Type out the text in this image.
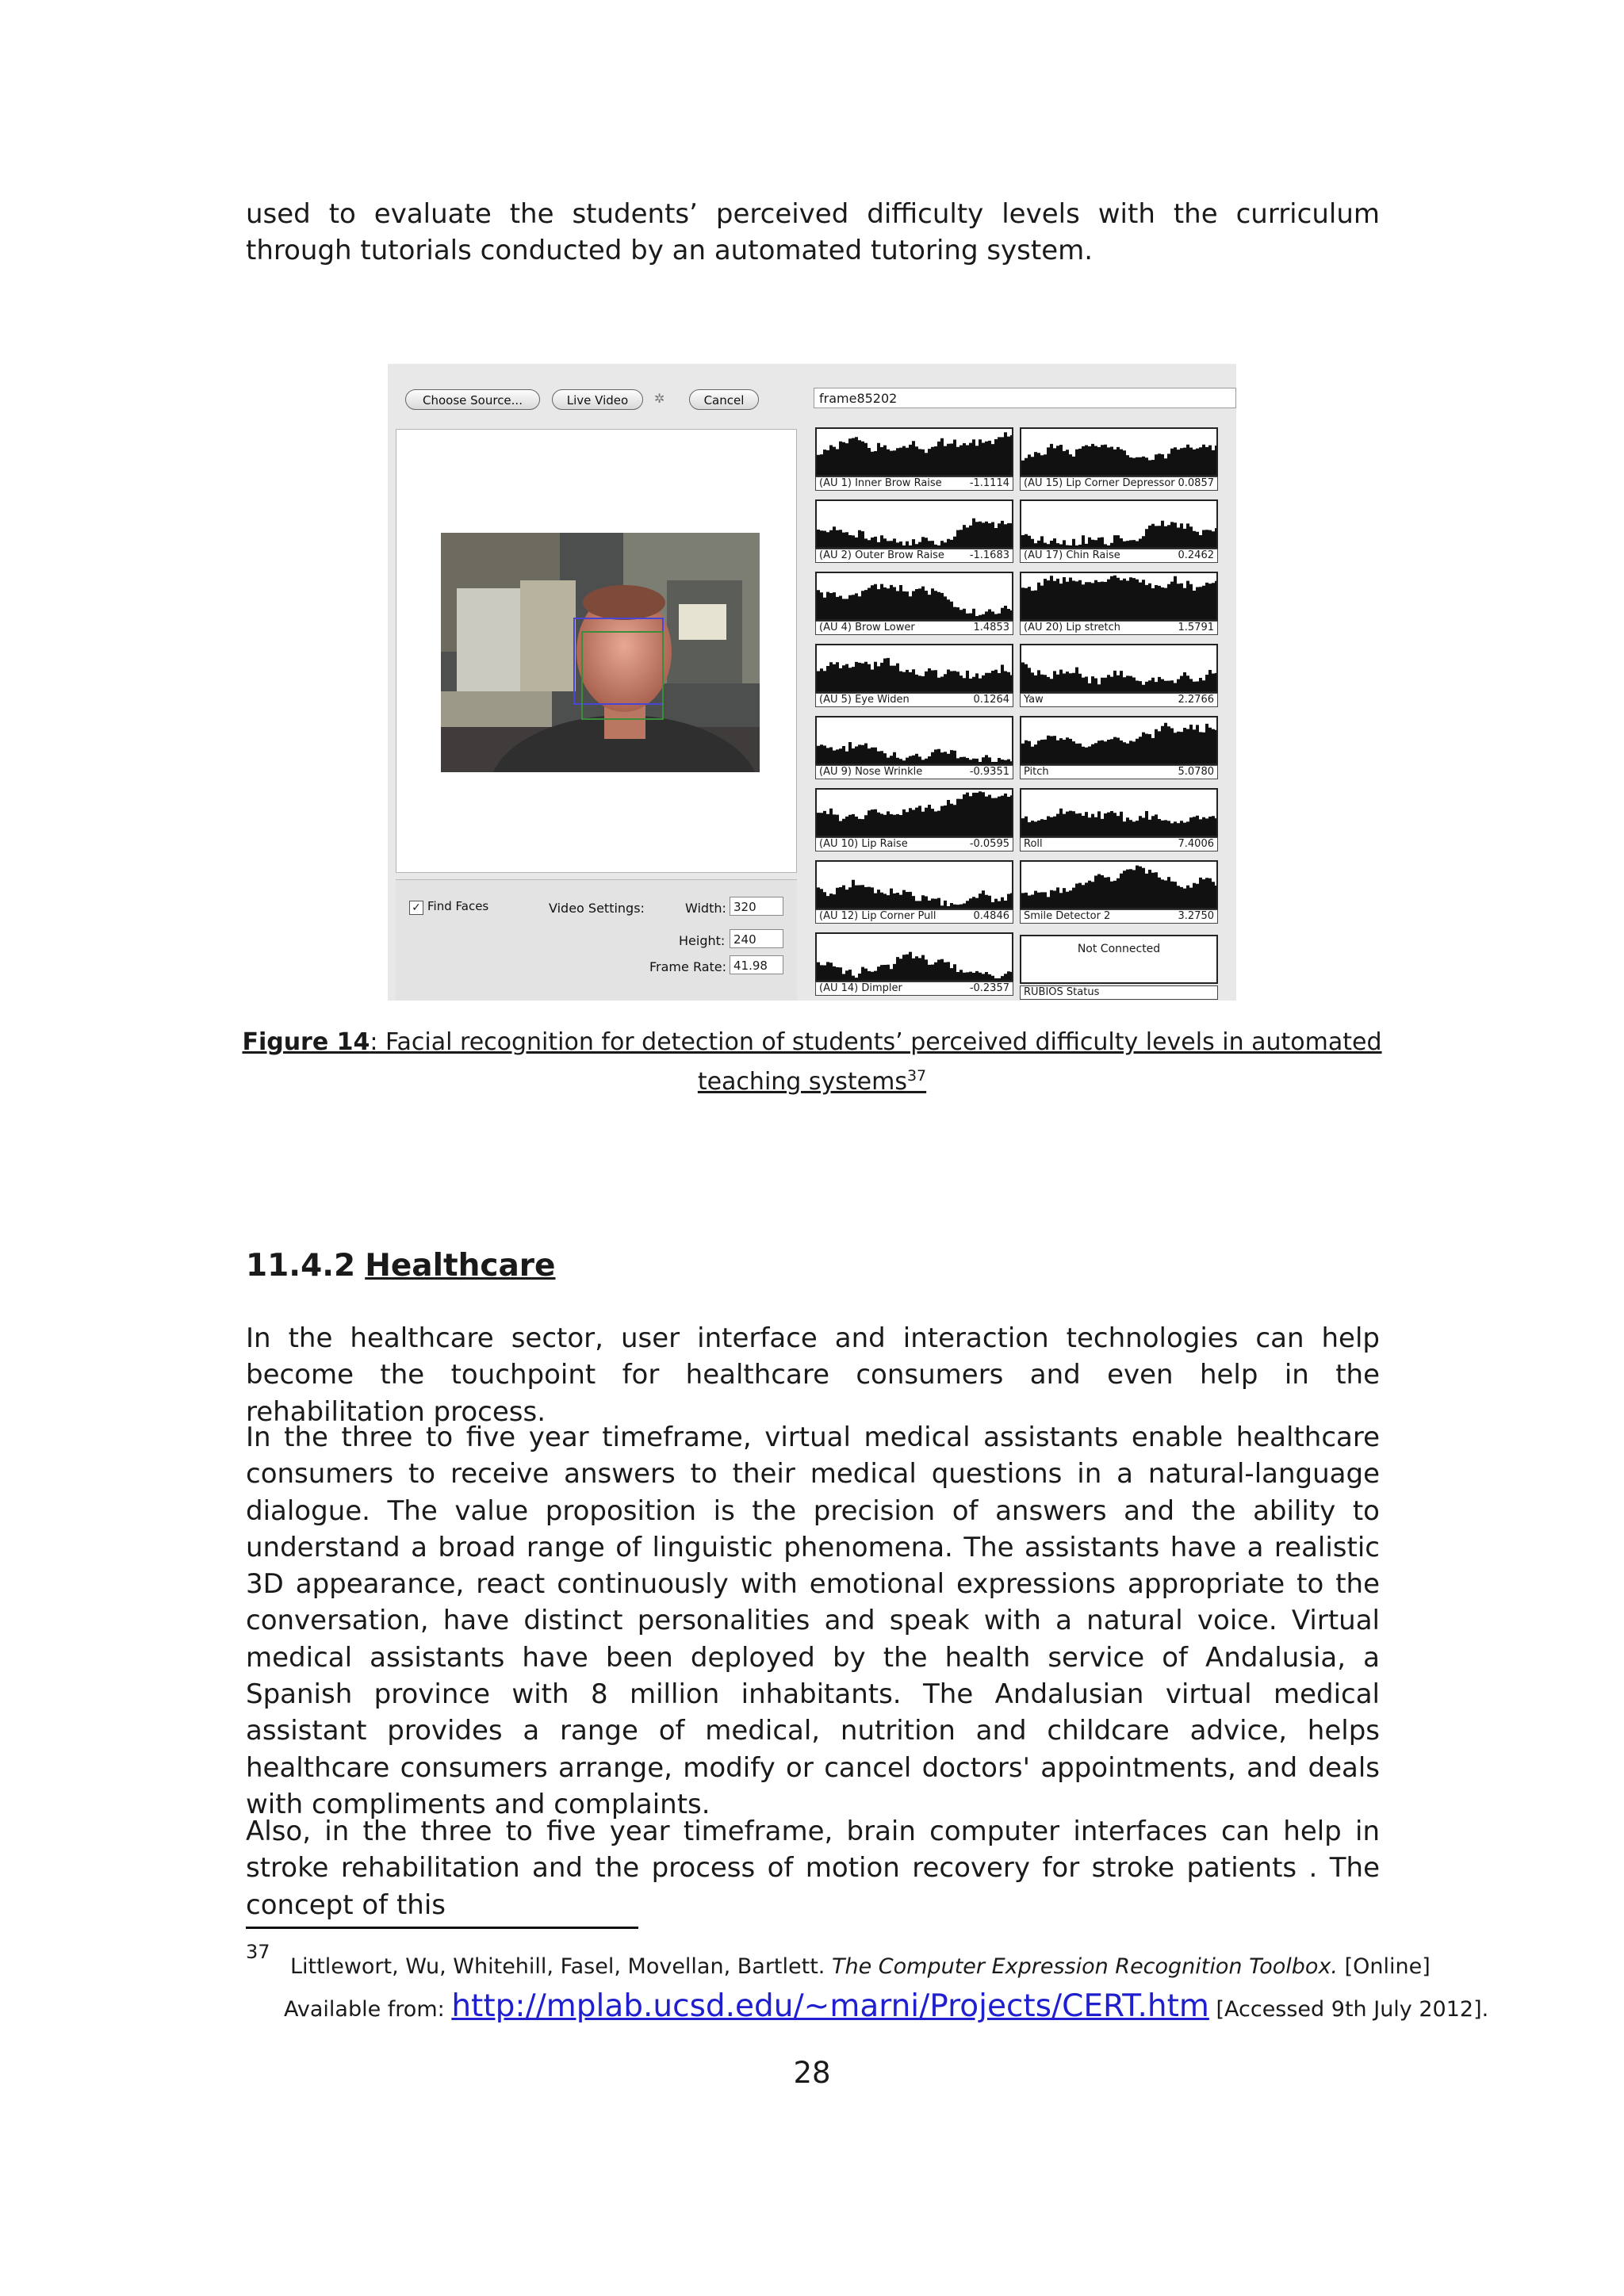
used to evaluate the students’ perceived difficulty levels with the curriculum through tutorials conducted by an automated tutoring system.

Choose Source...	Live Video	✲	Cancel	frame85202
✓ Find Faces	Video Settings:	Width: 320
Height: 240
Frame Rate: 41.98
Not Connected
RUBIOS Status
(AU 1) Inner Brow Raise	-1.1114
(AU 2) Outer Brow Raise -1.1683
(AU 4) Brow Lower	1.4853
(AU 5) Eye Widen	0.1264
(AU 9) Nose Wrinkle	-0.9351
(AU 10) Lip Raise	-0.0595
(AU 12) Lip Corner Pull	0.4846
(AU 14) Dimpler	-0.2357
(AU 15) Lip Corner Depressor 0.0857
(AU 17) Chin Raise	0.2462
(AU 20) Lip stretch	1.5791
Yaw	2.2766
Pitch	5.0780
Roll	7.4006
Smile Detector 2	3.2750
Figure 14: Facial recognition for detection of students’ perceived difficulty levels in automated teaching systems$^{37}$
11.4.2 Healthcare

In the healthcare sector, user interface and interaction technologies can help become the touchpoint for healthcare consumers and even help in the rehabilitation process.

In the three to five year timeframe, virtual medical assistants enable healthcare consumers to receive answers to their medical questions in a natural-language dialogue. The value proposition is the precision of answers and the ability to understand a broad range of linguistic phenomena. The assistants have a realistic 3D appearance, react continuously with emotional expressions appropriate to the conversation, have distinct personalities and speak with a natural voice. Virtual medical assistants have been deployed by the health service of Andalusia, a Spanish province with 8 million inhabitants. The Andalusian virtual medical assistant provides a range of medical, nutrition and childcare advice, helps healthcare consumers arrange, modify or cancel doctors' appointments, and deals with compliments and complaints.

Also, in the three to five year timeframe, brain computer interfaces can help in stroke rehabilitation and the process of motion recovery for stroke patients . The concept of this

37
Littlewort, Wu, Whitehill, Fasel, Movellan, Bartlett. The Computer Expression Recognition Toolbox. [Online]
Available from: http://mplab.ucsd.edu/~marni/Projects/CERT.htm [Accessed 9th July 2012].
28
